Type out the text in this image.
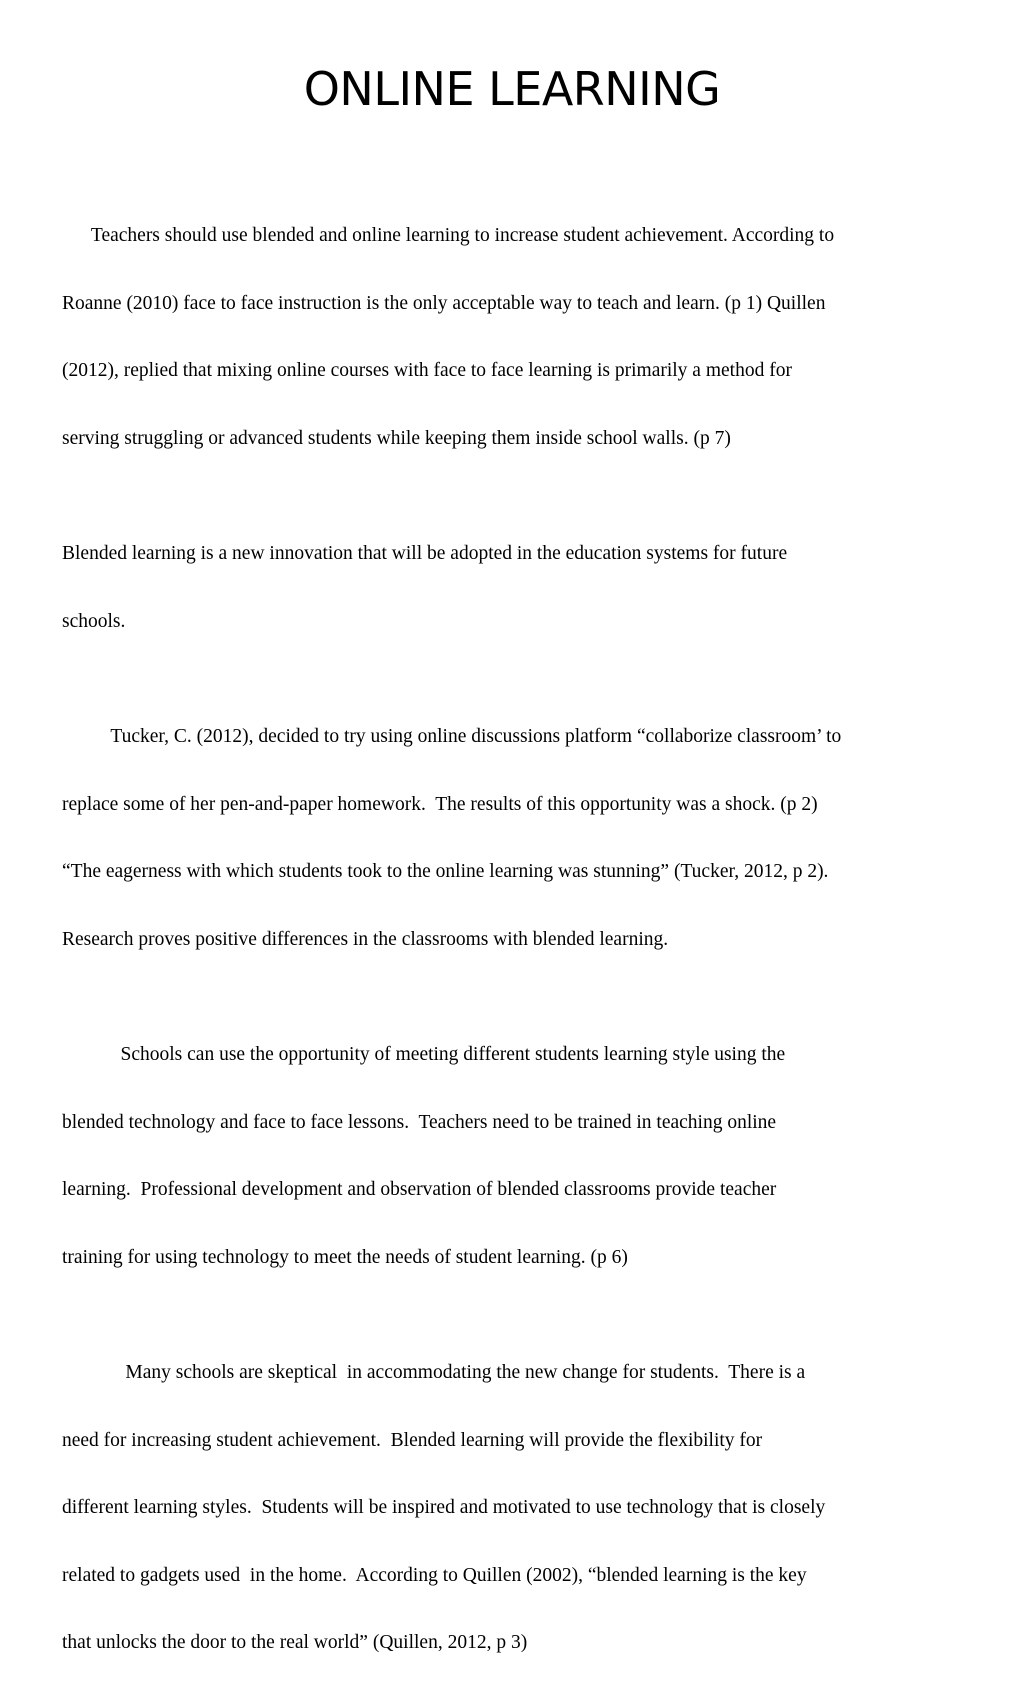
ONLINE LEARNING

Teachers should use blended and online learning to increase student achievement. According to

Roanne (2010) face to face instruction is the only acceptable way to teach and learn. (p 1) Quillen

(2012), replied that mixing online courses with face to face learning is primarily a method for

serving struggling or advanced students while keeping them inside school walls. (p 7)

Blended learning is a new innovation that will be adopted in the education systems for future

schools.

Tucker, C. (2012), decided to try using online discussions platform “collaborize classroom’ to

replace some of her pen-and-paper homework.  The results of this opportunity was a shock. (p 2)

“The eagerness with which students took to the online learning was stunning” (Tucker, 2012, p 2).

Research proves positive differences in the classrooms with blended learning.

Schools can use the opportunity of meeting different students learning style using the

blended technology and face to face lessons.  Teachers need to be trained in teaching online

learning.  Professional development and observation of blended classrooms provide teacher

training for using technology to meet the needs of student learning. (p 6)

Many schools are skeptical  in accommodating the new change for students.  There is a

need for increasing student achievement.  Blended learning will provide the flexibility for

different learning styles.  Students will be inspired and motivated to use technology that is closely

related to gadgets used  in the home.  According to Quillen (2002), “blended learning is the key

that unlocks the door to the real world” (Quillen, 2012, p 3)
